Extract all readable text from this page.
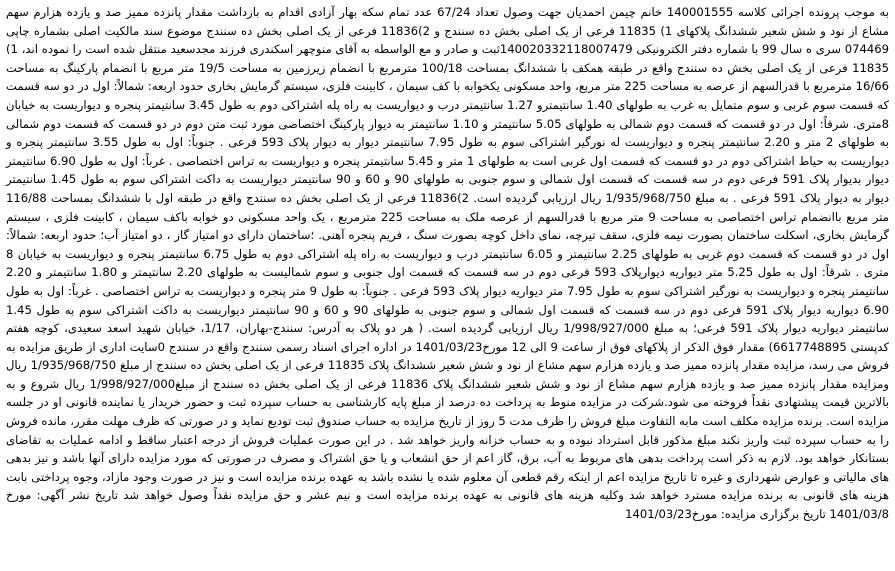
به موجب پرونده اجرائی کلاسه 140001555 خانم چیمن احمدیان جهت وصول تعداد 67/24 عدد تمام سکه بهار آزادی اقدام به بازداشت مقدار پانزده ممیز صد و یازده هزارم سهم مشاع از نود و شش شعیر ششدانگ پلاکهای 1) 11835 فرعی از یک اصلی بخش ده سنندج و 2)11836 فرعی از یک اصلی بخش ده سنندج موضوع سند مالکیت اصلی بشماره چاپی 074469 سری ه سال 99 با شماره دفتر الکترونیکی 140020332118007479ثبت و صادر و مع الواسطه به آقای منوچهر اسکندری فرزند مجدسعید منتقل شده است را نموده اند، 1) 11835 فرعی از یک اصلی بخش ده سنندج واقع در طبقه همکف با ششدانگ بمساحت 100/18 مترمربع با انضمام زیرزمین به مساحت 19/5 متر مربع با انضمام پارکینگ به مساحت 16/66 مترمربع با قدرالسهم از عرصه به مساحت 225 متر مربع، واحد مسکونی یکخوابه با کف سیمان ، کابینت فلزی، سیستم گرمایش بخاری حدود اربعه: شمالاً: اول در دو سه قسمت که قسمت سوم غربی و سوم متمایل به غرب به طولهای 1.40 سانتیمترو 1.27 سانتیمتر درب و دیواریست به راه پله اشتراکی دوم به طول 3.45 سانتیمتر پنجره و دیواریست به خیابان 8متری. شرقاً: اول در دو قسمت که قسمت دوم شمالی به طولهای 5.05 سانتیمتر و 1.10 سانتیمتر به دیوار پارکینگ اختصاصی مورد ثبت متن دوم در دو قسمت که قسمت دوم شمالی به طولهای 2 متر و 2.20 سانتیمتر پنجره و دیواریست له نورگیر اشتراکی سوم به طول 7.95 سانتیمتر دیوار به دیوار پلاک 593 فرعی . جنوباً: اول به طول 3.55 سانتیمتر پنجره و دیواریست به حیاط اشتراکی دوم در دو قسمت که قسمت اول غربی است به طولهای 1 متر و 5.45 سانتیمتر پنجره و دیواریست به تراس اختصاصی . غرباً: اول به طول 6.90 سانتیمتر دیوار بدیوار پلاک 591 فرعی دوم در سه قسمت که قسمت اول شمالی و سوم جنوبی به طولهای 90 و 60 و 90 سانتیمتر دیواریست به داکت اشتراکی سوم به طول 1.45 سانتیمتر دیوار به دیوار پلاک 591 فرعی . به مبلغ 1/935/968/750 ریال ارزیابی گردیده است. 2)11836 فرعی از یک اصلی بخش ده سنندج واقع در طبقه اول با ششدانگ بمساحت 116/88 متر مربع باانضمام تراس اختصاصی به مساحت 9 متر مربع با قدرالسهم از عرصه ملک به مساحت 225 مترمربع ، یک واحد مسکونی دو خوابه باکف سیمان ، کابینت فلزی ، سیستم گرمایش بخاری، اسکلت ساختمان بصورت نیمه فلزی، سقف تیرچه، نمای داخل کوچه بصورت سنگ ، فریم پنجره آهنی. ؛ساختمان دارای دو امتیاز گاز ، دو امتیاز آب؛ حدود اربعه: شمالاً: اول در دو قسمت که قسمت دوم غربی به طولهای 2.25 سانتیمتر و 6.05 سانتیمتر درب و دیواریست به راه پله اشتراکی دوم به طول 6.75 سانتیمتر پنجره و دیواریست به خیابان 8 متری . شرقاً: اول به طول 5.25 متر دیواریه دیوارپلاک 593 فرعی دوم در سه قسمت که قسمت اول جنوبی و سوم شمالیست به طولهای 2.20 سانتیمتر و 1.80 سانتیمتر و 2.20 سانتیمتر پنجره و دیواریست به نورگیر اشتراکی سوم به طول 7.95 متر دیواریه دیوار پلاک 593 فرعی . جنوباً: به طول 9 متر پنجره و دیواریست به تراس اختصاصی . غرباً: اول به طول 6.90 دیواریه دیوار پلاک 591 فرعی دوم در سه قسمت که قسمت اول شمالی و سوم جنوبی به طولهای 90 و 60 و 90 سانتیمتر دیواریست به داکت اشتراکی سوم به طول 1.45 سانتیمتر دیواریه دیوار پلاک 591 فرعی؛ به مبلغ 1/998/927/000 ریال ارزیابی گردیده است. ( هر دو پلاک به آدرس: سنندج-بهاران، 1/17، خیابان شهید اسعد سعیدی، کوچه هفتم کدپستی 6617748895) مقدار فوق الذکر از پلاکهای فوق از ساعت 9 الی 12 مورخ1401/03/23 در اداره اجرای اسناد رسمی سنندج واقع در سنندج 0سایت اداری از طریق مزایده به فروش می رسد، مزایده مقدار پانزده ممیز صد و یازده هزارم سهم مشاع از نود و شش شعیر ششدانگ پلاک 11835 فرعی از یک اصلی بخش ده سنندج از مبلغ 1/935/968/750 ریال ومزایده مقدار پانزده ممیز صد و یازده هزارم سهم مشاع از نود و شش شعیر ششدانگ پلاک 11836 فرعی از یک اصلی بخش ده سنندج از مبلغ1/998/927/000 ریال شروع و به بالاترین قیمت پیشنهادی نقداً فروخته می شود.شرکت در مزایده منوط به پرداخت ده درصد از مبلغ پایه کارشناسی به حساب سپرده ثبت و حضور خریدار یا نماینده قانونی او در جلسه مزایده است. برنده مزایده مکلف است مابه التفاوت مبلغ فروش را ظرف مدت 5 روز از تاریخ مزایده به حساب صندوق ثبت تودیع نماید و در صورتی که ظرف مهلت مقرر، مانده فروش را به حساب سپرده ثبت واریز نکند مبلغ مذکور قابل استرداد نبوده و به حساب خزانه واریز خواهد شد . در این صورت عملیات فروش از درجه اعتبار ساقط و ادامه عملیات به تقاضای بستانکار خواهد بود. لازم به ذکر است پرداخت بدهی های مربوط به آب، برق، گاز اعم از حق انشعاب و یا حق اشتراک و مصرف در صورتی که مورد مزایده دارای آنها باشد و نیز بدهی های مالیاتی و عوارض شهرداری و غیره تا تاریخ مزایده اعم از اینکه رقم قطعی آن معلوم شده یا نشده باشد به عهده برنده مزایده است و نیز در صورت وجود مازاد، وجوه پرداختی بابت هزینه های قانونی به برنده مزایده مسترد خواهد شد وکلیه هزینه های قانونی به عهده برنده مزایده است و نیم عشر و حق مزایده نقداً وصول خواهد شد تاریخ نشر آگهی: مورخ 1401/03/8 تاریخ برگزاری مزایده: مورخ1401/03/23
